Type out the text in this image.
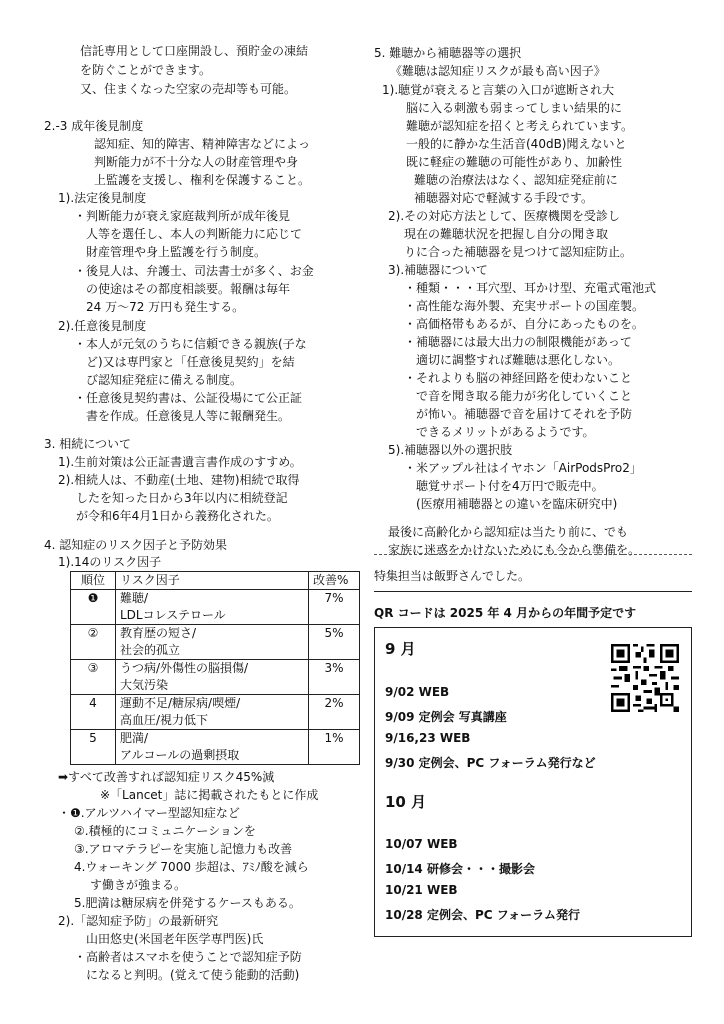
信託専用として口座開設し、預貯金の凍結
を防ぐことができます。
又、住まくなった空家の売却等も可能。
2.-3 成年後見制度
認知症、知的障害、精神障害などによっ
判断能力が不十分な人の財産管理や身
上監護を支援し、権利を保護すること。
1).法定後見制度
・判断能力が衰え家庭裁判所が成年後見
人等を選任し、本人の判断能力に応じて
財産管理や身上監護を行う制度。
・後見人は、弁護士、司法書士が多く、お金
の使途はその都度相談要。報酬は毎年
24 万〜72 万円も発生する。
2).任意後見制度
・本人が元気のうちに信頼できる親族(子な
ど)又は専門家と「任意後見契約」を結
び認知症発症に備える制度。
・任意後見契約書は、公証役場にて公正証
書を作成。任意後見人等に報酬発生。
3. 相続について
1).生前対策は公正証書遺言書作成のすすめ。
2).相続人は、不動産(土地、建物)相続で取得
したを知った日から3年以内に相続登記
が令和6年4月1日から義務化された。
4. 認知症のリスク因子と予防効果
1).14のリスク因子
順位	リスク因子	改善%
❶	難聴/
LDLコレステロール	7%
②	教育歴の短さ/
社会的孤立	5%
③	うつ病/外傷性の脳損傷/
大気汚染	3%
4	運動不足/糖尿病/喫煙/
高血圧/視力低下	2%
5	肥満/
アルコールの過剰摂取	1%
➡すべて改善すれば認知症リスク45%減
※「Lancet」誌に掲載されたもとに作成
・❶.アルツハイマー型認知症など
②.積極的にコミュニケーションを
③.アロマテラピーを実施し記憶力も改善
4.ウォーキング 7000 歩超は、ｱﾐﾉ酸を減ら
す働きが強まる。
5.肥満は糖尿病を併発するケースもある。
2).「認知症予防」の最新研究
山田悠史(米国老年医学専門医)氏
・高齢者はスマホを使うことで認知症予防
になると判明。(覚えて使う能動的活動)
5. 難聴から補聴器等の選択
《難聴は認知症リスクが最も高い因子》
1).聴覚が衰えると言葉の入口が遮断され大
脳に入る刺激も弱まってしまい結果的に
難聴が認知症を招くと考えられています。
一般的に静かな生活音(40dB)聞えないと
既に軽症の難聴の可能性があり、加齢性
難聴の治療法はなく、認知症発症前に
補聴器対応で軽減する手段です。
2).その対応方法として、医療機関を受診し
現在の難聴状況を把握し自分の聞き取
りに合った補聴器を見つけて認知症防止。
3).補聴器について
・種類・・・耳穴型、耳かけ型、充電式電池式
・高性能な海外製、充実サポートの国産製。
・高価格帯もあるが、自分にあったものを。
・補聴器には最大出力の制限機能があって
適切に調整すれば難聴は悪化しない。
・それよりも脳の神経回路を使わないこと
で音を聞き取る能力が劣化していくこと
が怖い。補聴器で音を届けてそれを予防
できるメリットがあるようです。
5).補聴器以外の選択肢
・米アップル社はイヤホン「AirPodsPro2」
聴覚サポート付を4万円で販売中。
(医療用補聴器との違いを臨床研究中)
最後に高齢化から認知症は当たり前に、でも
家族に迷惑をかけないためにも今から準備を。
特集担当は飯野さんでした。
QR コードは 2025 年 4 月からの年間予定です
9 月
9/02 WEB
9/09 定例会 写真講座
9/16,23 WEB
9/30 定例会、PC フォーラム発行など
10 月
10/07 WEB
10/14 研修会・・・撮影会
10/21 WEB
10/28 定例会、PC フォーラム発行
